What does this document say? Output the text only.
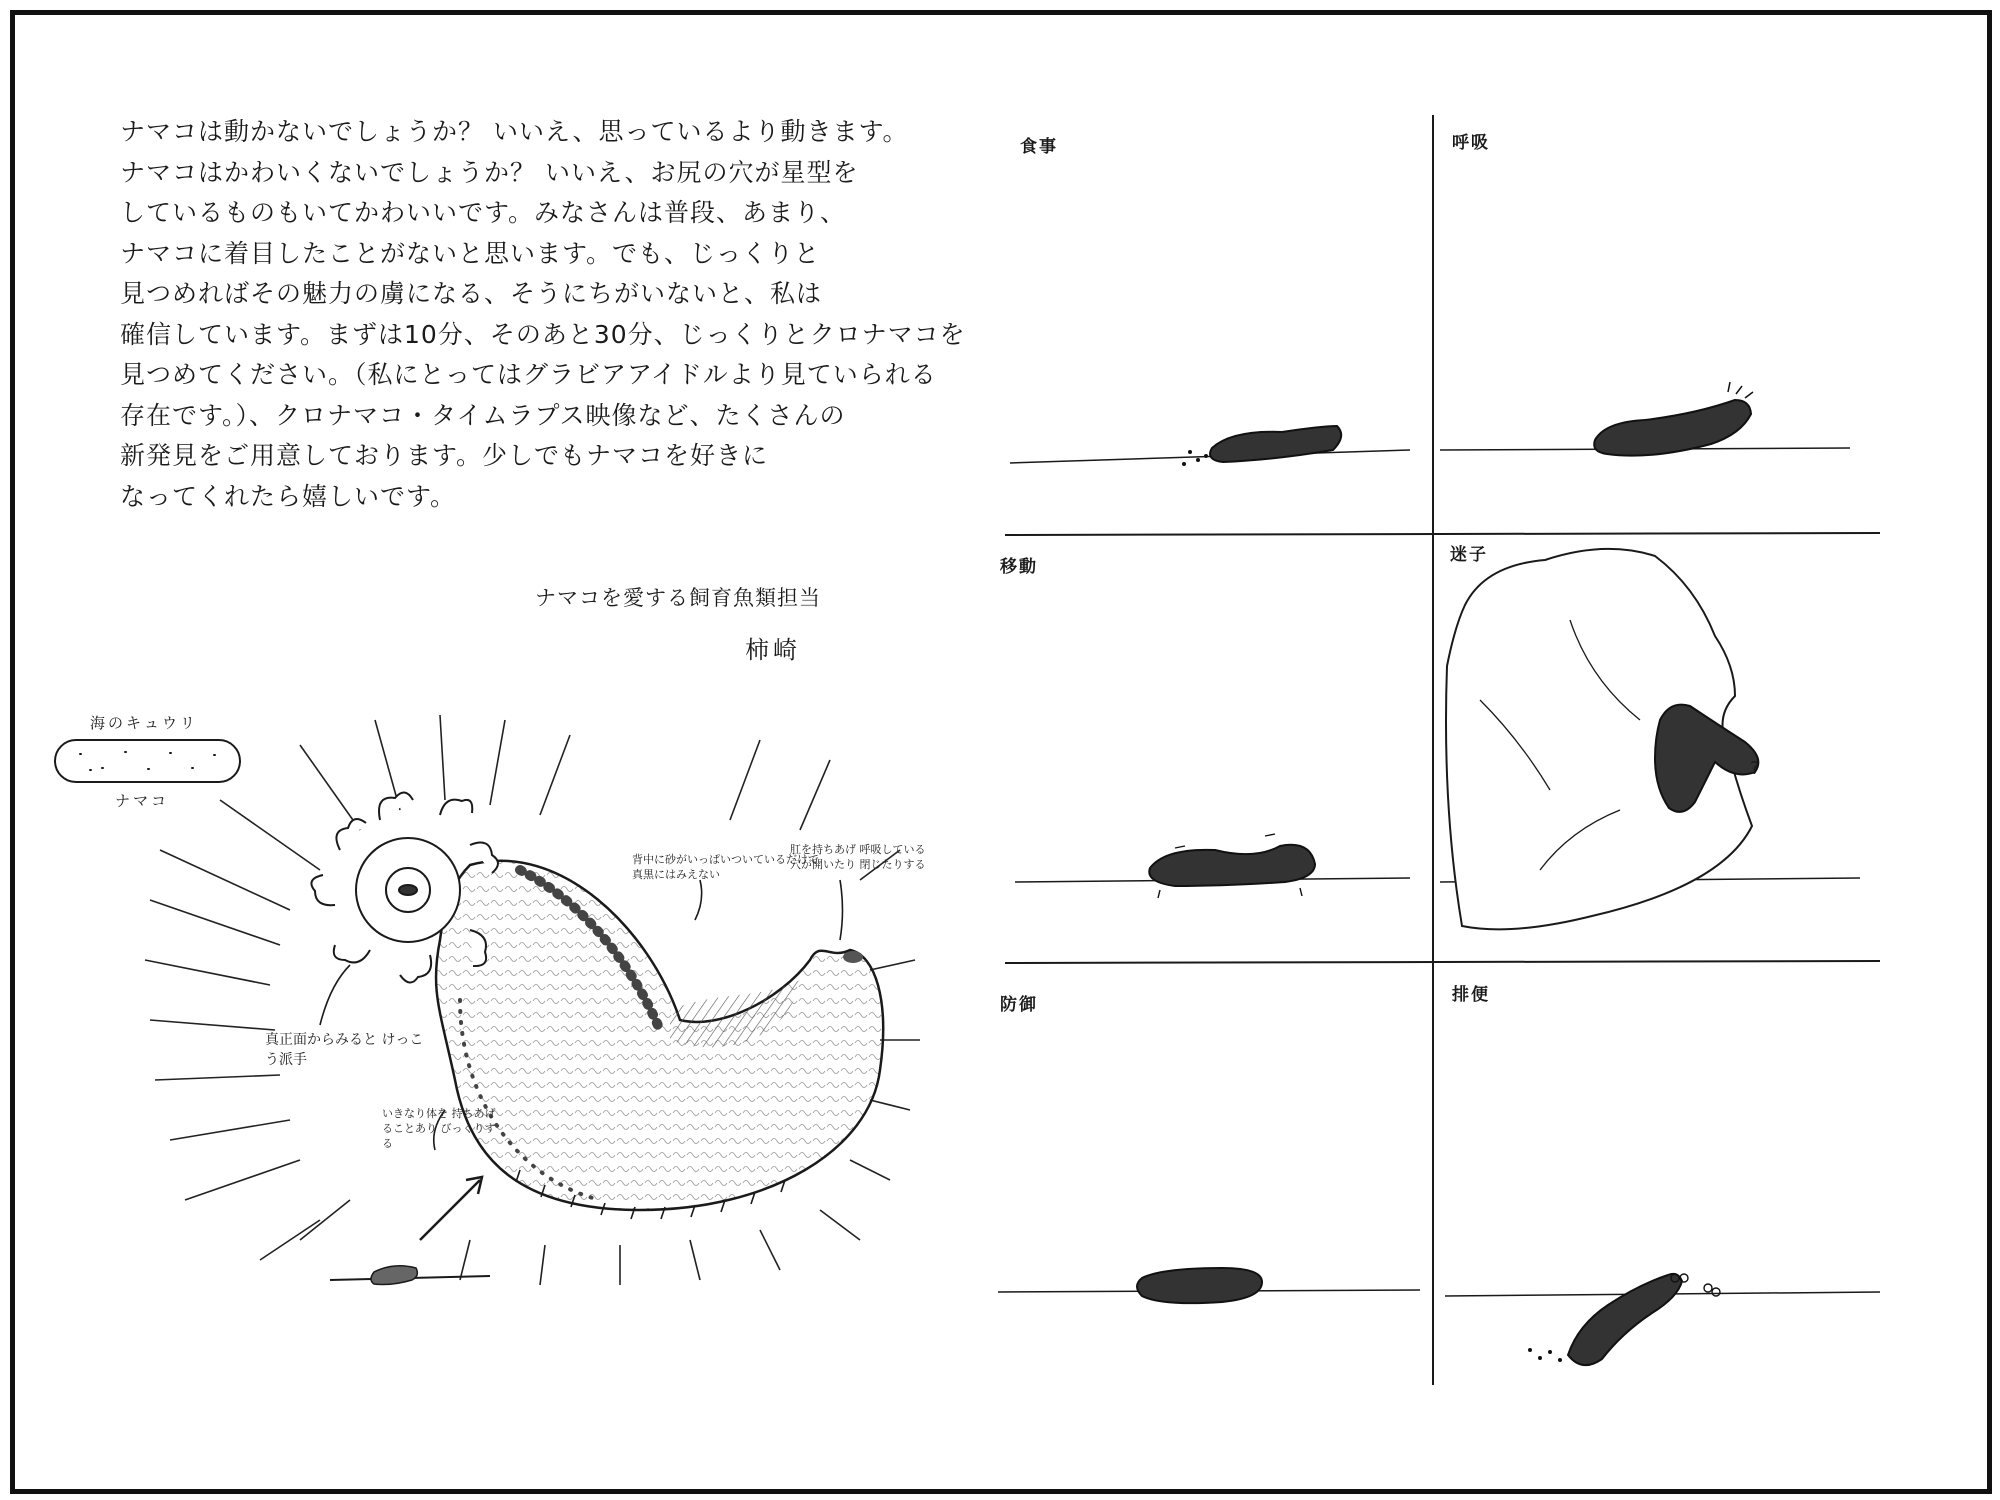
ナマコは動かないでしょうか？ いいえ、思っているより動きます。
ナマコはかわいくないでしょうか？ いいえ、お尻の穴が星型を
しているものもいてかわいいです。みなさんは普段、あまり、
ナマコに着目したことがないと思います。でも、じっくりと
見つめればその魅力の虜になる、そうにちがいないと、私は
確信しています。まずは10分、そのあと30分、じっくりとクロナマコを
見つめてください。（私にとってはグラビアアイドルより見ていられる
存在です。）、クロナマコ・タイムラプス映像など、たくさんの
新発見をご用意しております。少しでもナマコを好きに
なってくれたら嬉しいです。
ナマコを愛する飼育魚類担当
柿崎
?
海のキュウリ
ナマコ
背中に砂がいっぱいついているだけで 真黒にはみえない
肛を持ちあげ 呼吸している 穴が開いたり 閉じたりする
真正面からみると けっこう派手
いきなり体を 持ちあげることあり びっくりする
食事	呼吸
移動
迷子
防御	排便
